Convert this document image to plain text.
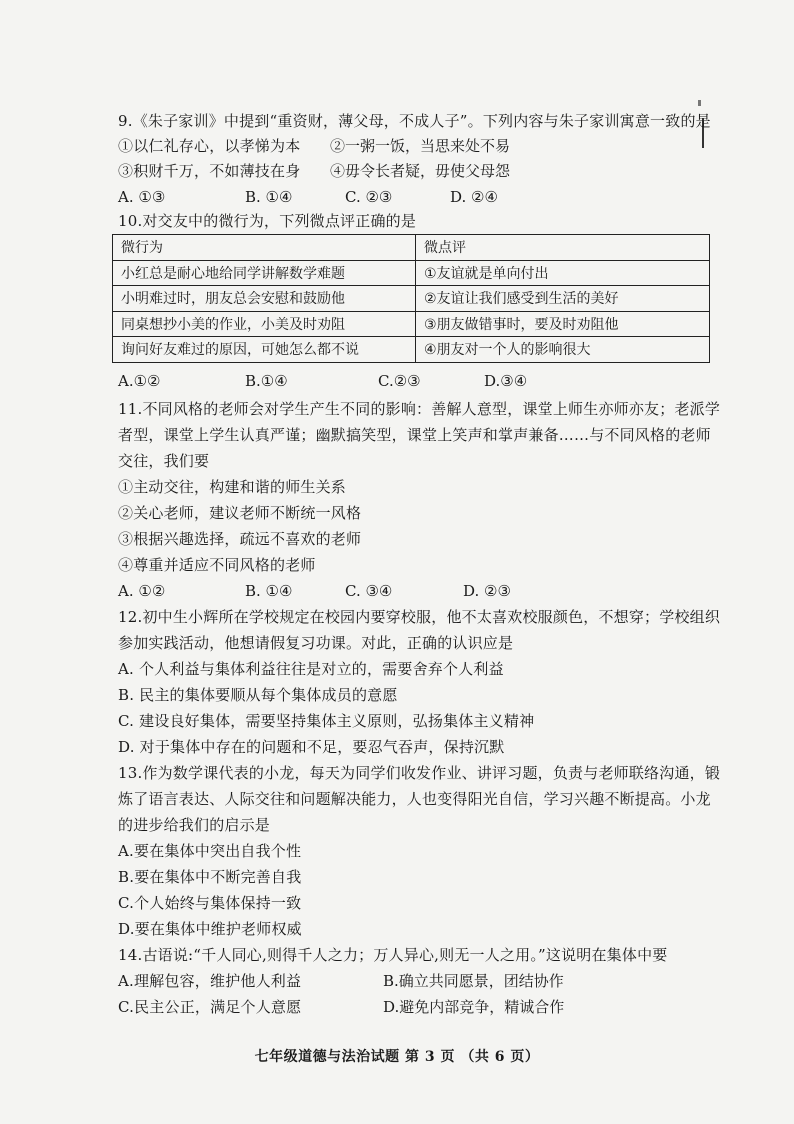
9.《朱子家训》中提到“重资财，薄父母，不成人子”。下列内容与朱子家训寓意一致的是
①以仁礼存心，以孝悌为本 ②一粥一饭，当思来处不易
③积财千万，不如薄技在身 ④毋令长者疑，毋使父母怨
A. ①③	B. ①④	C. ②③	D. ②④
10.对交友中的微行为，下列微点评正确的是
微行为	微点评
小红总是耐心地给同学讲解数学难题	①友谊就是单向付出
小明难过时，朋友总会安慰和鼓励他	②友谊让我们感受到生活的美好
同桌想抄小美的作业，小美及时劝阻	③朋友做错事时，要及时劝阻他
询问好友难过的原因，可她怎么都不说	④朋友对一个人的影响很大
A.①②	B.①④	C.②③	D.③④
11.不同风格的老师会对学生产生不同的影响：善解人意型，课堂上师生亦师亦友；老派学
者型，课堂上学生认真严谨；幽默搞笑型，课堂上笑声和掌声兼备……与不同风格的老师
交往，我们要
①主动交往，构建和谐的师生关系
②关心老师，建议老师不断统一风格
③根据兴趣选择，疏远不喜欢的老师
④尊重并适应不同风格的老师
A. ①②	B. ①④	C. ③④	D. ②③
12.初中生小辉所在学校规定在校园内要穿校服，他不太喜欢校服颜色，不想穿；学校组织
参加实践活动，他想请假复习功课。对此，正确的认识应是
A. 个人利益与集体利益往往是对立的，需要舍弃个人利益
B. 民主的集体要顺从每个集体成员的意愿
C. 建设良好集体，需要坚持集体主义原则，弘扬集体主义精神
D. 对于集体中存在的问题和不足，要忍气吞声，保持沉默
13.作为数学课代表的小龙，每天为同学们收发作业、讲评习题，负责与老师联络沟通，锻
炼了语言表达、人际交往和问题解决能力，人也变得阳光自信，学习兴趣不断提高。小龙
的进步给我们的启示是
A.要在集体中突出自我个性
B.要在集体中不断完善自我
C.个人始终与集体保持一致
D.要在集体中维护老师权威
14.古语说:“千人同心,则得千人之力；万人异心,则无一人之用。”这说明在集体中要
A.理解包容，维护他人利益	B.确立共同愿景，团结协作
C.民主公正，满足个人意愿	D.避免内部竞争，精诚合作
七年级道德与法治试题 第 3 页 （共 6 页）
